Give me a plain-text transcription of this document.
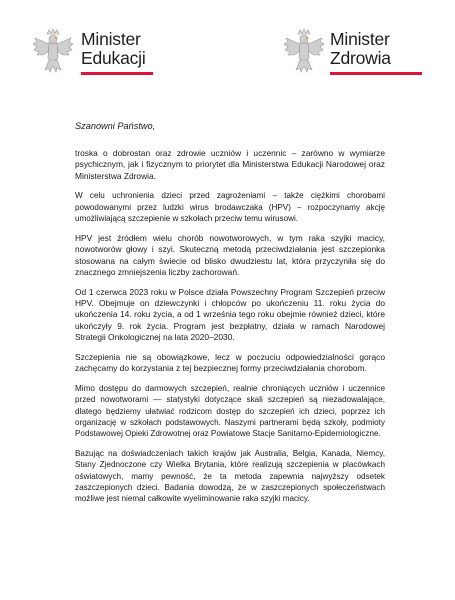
Minister
Edukacji
Minister
Zdrowia

Szanowni Państwo,

troska o dobrostan oraz zdrowie uczniów i uczennic – zarówno w wymiarze psychicznym, jak i fizycznym to priorytet dla Ministerstwa Edukacji Narodowej oraz Ministerstwa Zdrowia.

W celu uchronienia dzieci przed zagrożeniami – także ciężkimi chorobami powodowanymi przez ludzki wirus brodawczaka (HPV) – rozpoczynamy akcję umożliwiającą szczepienie w szkołach przeciw temu wirusowi.

HPV jest źródłem wielu chorób nowotworowych, w tym raka szyjki macicy, nowotworów głowy i szyi. Skuteczną metodą przeciwdziałania jest szczepionka stosowana na całym świecie od blisko dwudziestu lat, która przyczyniła się do znacznego zmniejszenia liczby zachorowań.

Od 1 czerwca 2023 roku w Polsce działa Powszechny Program Szczepień przeciw HPV. Obejmuje on dziewczynki i chłopców po ukończeniu 11. roku życia do ukończenia 14. roku życia, a od 1 września tego roku obejmie również dzieci, które ukończyły 9. rok życia. Program jest bezpłatny, działa w ramach Narodowej Strategii Onkologicznej na lata 2020–2030.

Szczepienia nie są obowiązkowe, lecz w poczuciu odpowiedzialności gorąco zachęcamy do korzystania z tej bezpiecznej formy przeciwdziałania chorobom.

Mimo dostępu do darmowych szczepień, realnie chroniących uczniów i uczennice przed nowotworami — statystyki dotyczące skali szczepień są niezadowalające, dlatego będziemy ułatwiać rodzicom dostęp do szczepień ich dzieci, poprzez ich organizację w szkołach podstawowych. Naszymi partnerami będą szkoły, podmioty Podstawowej Opieki Zdrowotnej oraz Powiatowe Stacje Sanitarno-Epidemiologiczne.

Bazując na doświadczeniach takich krajów jak Australia, Belgia, Kanada, Niemcy, Stany Zjednoczone czy Wielka Brytania, które realizują szczepienia w placówkach oświatowych, mamy pewność, że ta metoda zapewnia najwyższy odsetek zaszczepionych dzieci. Badania dowodzą, że w zaszczepionych społeczeństwach możliwe jest niemal całkowite wyeliminowanie raka szyjki macicy.
